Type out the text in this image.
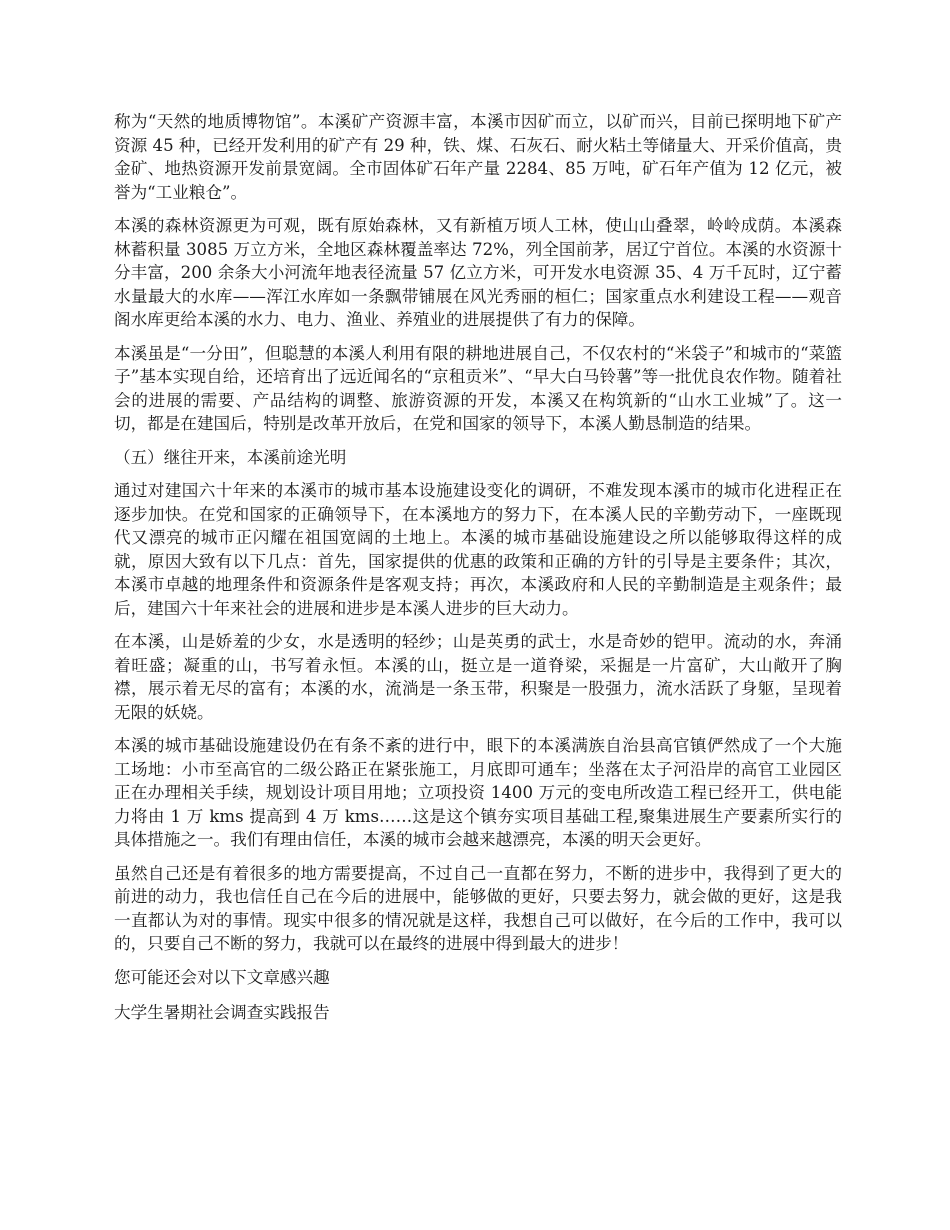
称为“天然的地质博物馆”。本溪矿产资源丰富，本溪市因矿而立，以矿而兴，目前已探明地下矿产资源 45 种，已经开发利用的矿产有 29 种，铁、煤、石灰石、耐火粘土等储量大、开采价值高，贵金矿、地热资源开发前景宽阔。全市固体矿石年产量 2284、85 万吨，矿石年产值为 12 亿元，被誉为“工业粮仓”。

本溪的森林资源更为可观，既有原始森林，又有新植万顷人工林，使山山叠翠，岭岭成荫。本溪森林蓄积量 3085 万立方米，全地区森林覆盖率达 72%，列全国前茅，居辽宁首位。本溪的水资源十分丰富，200 余条大小河流年地表径流量 57 亿立方米，可开发水电资源 35、4 万千瓦时，辽宁蓄水量最大的水库——浑江水库如一条飘带铺展在风光秀丽的桓仁；国家重点水利建设工程——观音阁水库更给本溪的水力、电力、渔业、养殖业的进展提供了有力的保障。

本溪虽是“一分田”，但聪慧的本溪人利用有限的耕地进展自己，不仅农村的“米袋子”和城市的“菜篮子”基本实现自给，还培育出了远近闻名的“京租贡米”、“早大白马铃薯”等一批优良农作物。随着社会的进展的需要、产品结构的调整、旅游资源的开发，本溪又在构筑新的“山水工业城”了。这一切，都是在建国后，特别是改革开放后，在党和国家的领导下，本溪人勤恳制造的结果。

（五）继往开来，本溪前途光明

通过对建国六十年来的本溪市的城市基本设施建设变化的调研，不难发现本溪市的城市化进程正在逐步加快。在党和国家的正确领导下，在本溪地方的努力下，在本溪人民的辛勤劳动下，一座既现代又漂亮的城市正闪耀在祖国宽阔的土地上。本溪的城市基础设施建设之所以能够取得这样的成就，原因大致有以下几点：首先，国家提供的优惠的政策和正确的方针的引导是主要条件；其次，本溪市卓越的地理条件和资源条件是客观支持；再次，本溪政府和人民的辛勤制造是主观条件；最后，建国六十年来社会的进展和进步是本溪人进步的巨大动力。

在本溪，山是娇羞的少女，水是透明的轻纱；山是英勇的武士，水是奇妙的铠甲。流动的水，奔涌着旺盛；凝重的山，书写着永恒。本溪的山，挺立是一道脊梁，采掘是一片富矿，大山敞开了胸襟，展示着无尽的富有；本溪的水，流淌是一条玉带，积聚是一股强力，流水活跃了身躯，呈现着无限的妖娆。

本溪的城市基础设施建设仍在有条不紊的进行中，眼下的本溪满族自治县高官镇俨然成了一个大施工场地：小市至高官的二级公路正在紧张施工，月底即可通车；坐落在太子河沿岸的高官工业园区正在办理相关手续，规划设计项目用地；立项投资 1400 万元的变电所改造工程已经开工，供电能力将由 1 万 kms 提高到 4 万 kms……这是这个镇夯实项目基础工程,聚集进展生产要素所实行的具体措施之一。我们有理由信任，本溪的城市会越来越漂亮，本溪的明天会更好。

虽然自己还是有着很多的地方需要提高，不过自己一直都在努力，不断的进步中，我得到了更大的前进的动力，我也信任自己在今后的进展中，能够做的更好，只要去努力，就会做的更好，这是我一直都认为对的事情。现实中很多的情况就是这样，我想自己可以做好，在今后的工作中，我可以的，只要自己不断的努力，我就可以在最终的进展中得到最大的进步！

您可能还会对以下文章感兴趣

大学生暑期社会调查实践报告
